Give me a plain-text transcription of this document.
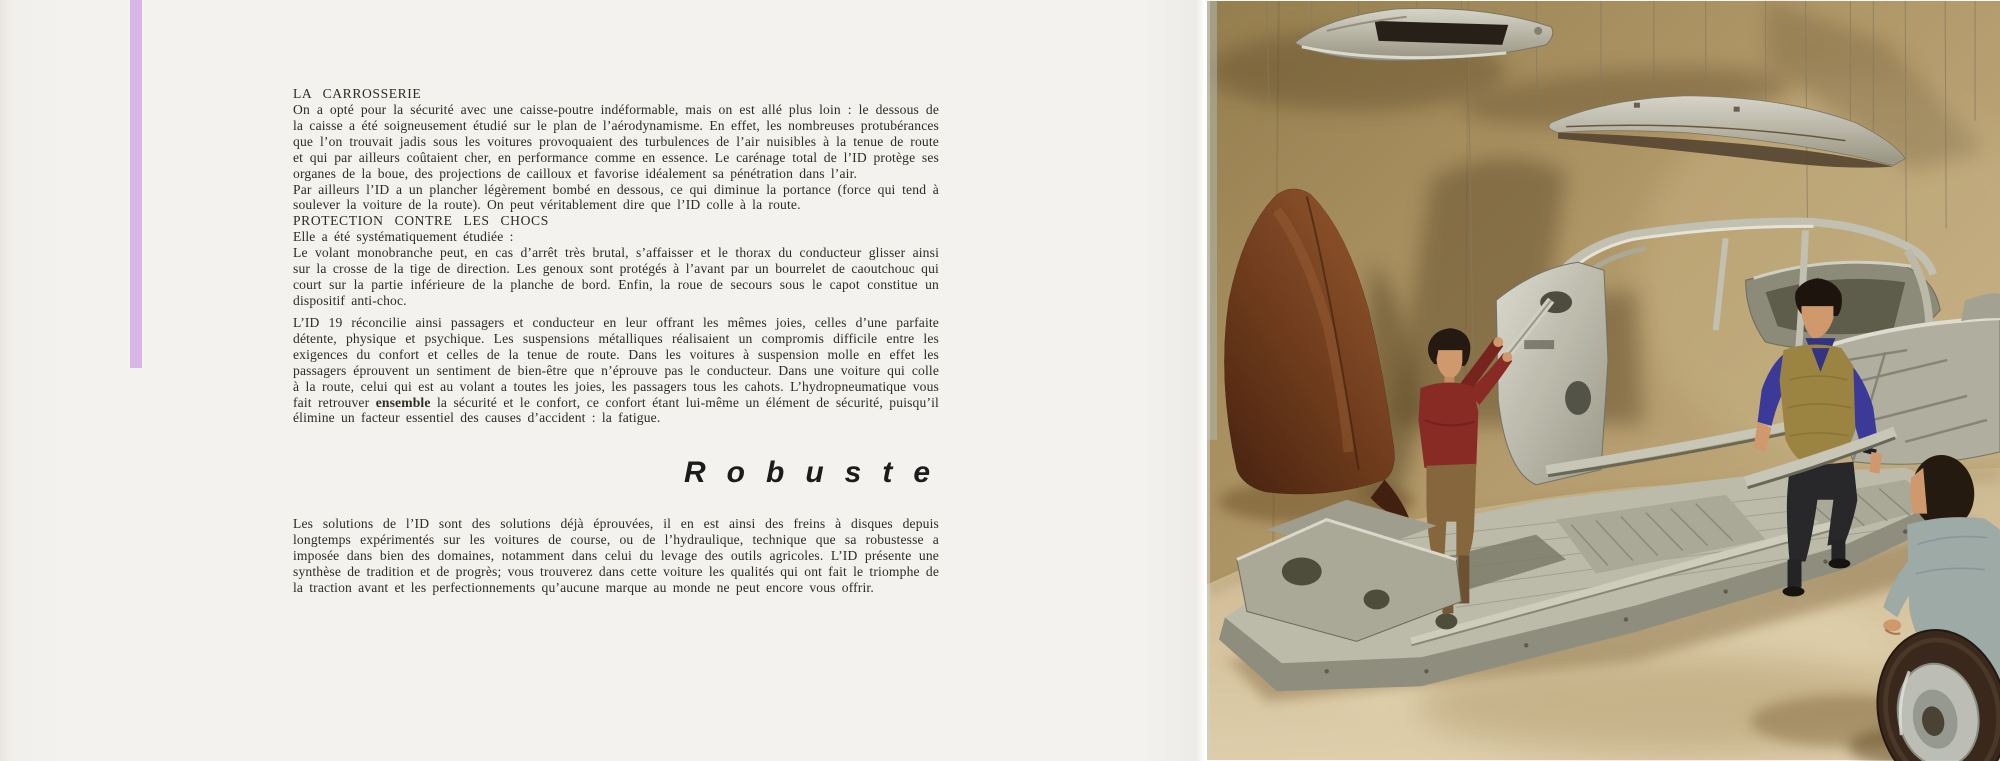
LA CARROSSERIE

On a opté pour la sécurité avec une caisse-poutre indéformable, mais on est allé plus loin : le dessous de la caisse a été soigneusement étudié sur le plan de l’aérodynamisme. En effet, les nombreuses protubérances que l’on trouvait jadis sous les voitures provoquaient des turbulences de l’air nuisibles à la tenue de route et qui par ailleurs coûtaient cher, en performance comme en essence. Le carénage total de l’ID protège ses organes de la boue, des projections de cailloux et favorise idéalement sa pénétration dans l’air.

Par ailleurs l’ID a un plancher légèrement bombé en dessous, ce qui diminue la portance (force qui tend à soulever la voiture de la route). On peut véritablement dire que l’ID colle à la route.

PROTECTION CONTRE LES CHOCS

Elle a été systématiquement étudiée :

Le volant monobranche peut, en cas d’arrêt très brutal, s’affaisser et le thorax du conducteur glisser ainsi sur la crosse de la tige de direction. Les genoux sont protégés à l’avant par un bourrelet de caoutchouc qui court sur la partie inférieure de la planche de bord. Enfin, la roue de secours sous le capot constitue un dispositif anti-choc.

L’ID 19 réconcilie ainsi passagers et conducteur en leur offrant les mêmes joies, celles d’une parfaite détente, physique et psychique. Les suspensions métalliques réalisaient un compromis difficile entre les exigences du confort et celles de la tenue de route. Dans les voitures à suspension molle en effet les passagers éprouvent un sentiment de bien-être que n’éprouve pas le conducteur. Dans une voiture qui colle à la route, celui qui est au volant a toutes les joies, les passagers tous les cahots. L’hydropneumatique vous fait retrouver ensemble la sécurité et le confort, ce confort étant lui-même un élément de sécurité, puisqu’il élimine un facteur essentiel des causes d’accident : la fatigue.

Robuste

Les solutions de l’ID sont des solutions déjà éprouvées, il en est ainsi des freins à disques depuis longtemps expérimentés sur les voitures de course, ou de l’hydraulique, technique que sa robustesse a imposée dans bien des domaines, notamment dans celui du levage des outils agricoles. L’ID présente une synthèse de tradition et de progrès; vous trouverez dans cette voiture les qualités qui ont fait le triomphe de la traction avant et les perfectionnements qu’aucune marque au monde ne peut encore vous offrir.
